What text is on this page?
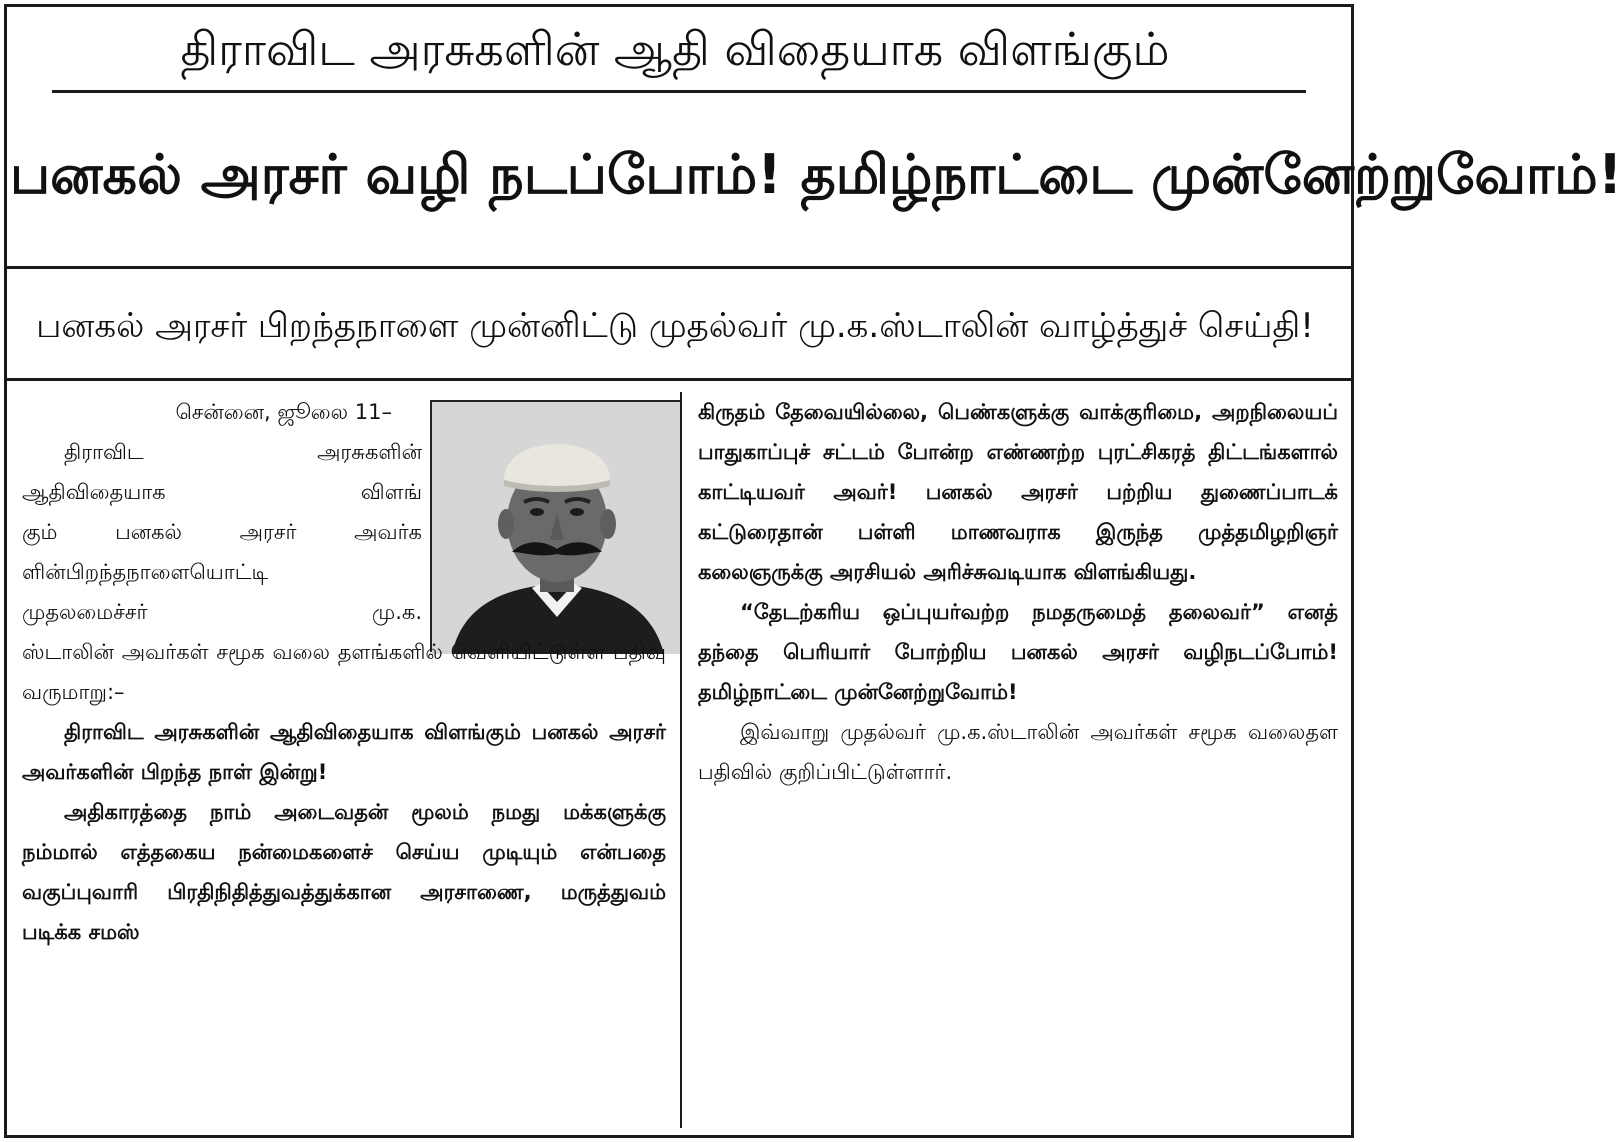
திராவிட அரசுகளின் ஆதி விதையாக விளங்கும்
பனகல் அரசர் வழி நடப்போம்! தமிழ்நாட்டை முன்னேற்றுவோம்!
பனகல் அரசர் பிறந்தநாளை முன்னிட்டு முதல்வர் மு.க.ஸ்டாலின் வாழ்த்துச் செய்தி!

சென்னை, ஜூலை 11–

திராவிட அரசுகளின்

ஆதிவிதையாக விளங்

கும் பனகல் அரசர் அவர்க

ளின்பிறந்தநாளையொட்டி

முதலமைச்சர் மு.க.

ஸ்டாலின் அவர்கள் சமூக வலை தளங்களில் வெளியிட்டுள்ள பதிவு வருமாறு:–

திராவிட அரசுகளின் ஆதிவிதையாக விளங்கும் பனகல் அரசர் அவர்களின் பிறந்த நாள் இன்று!

அதிகாரத்தை நாம் அடைவதன் மூலம் நமது மக்களுக்கு நம்மால் எத்தகைய நன்மைகளைச் செய்ய முடியும் என்பதை வகுப்புவாரி பிரதிநிதித்துவத்துக்கான அரசாணை, மருத்துவம் படிக்க சமஸ்

கிருதம் தேவையில்லை, பெண்களுக்கு வாக்குரிமை, அறநிலையப் பாதுகாப்புச் சட்டம் போன்ற எண்ணற்ற புரட்சிகரத் திட்டங்களால் காட்டியவர் அவர்! பனகல் அரசர் பற்றிய துணைப்பாடக் கட்டுரைதான் பள்ளி மாணவராக இருந்த முத்தமிழறிஞர் கலைஞருக்கு அரசியல் அரிச்சுவடியாக விளங்கியது.

“தேடற்கரிய ஒப்புயர்வற்ற நமதருமைத் தலைவர்” எனத் தந்தை பெரியார் போற்றிய பனகல் அரசர் வழிநடப்போம்! தமிழ்நாட்டை முன்னேற்றுவோம்!

இவ்வாறு முதல்வர் மு.க.ஸ்டாலின் அவர்கள் சமூக வலைதள பதிவில் குறிப்பிட்டுள்ளார்.
